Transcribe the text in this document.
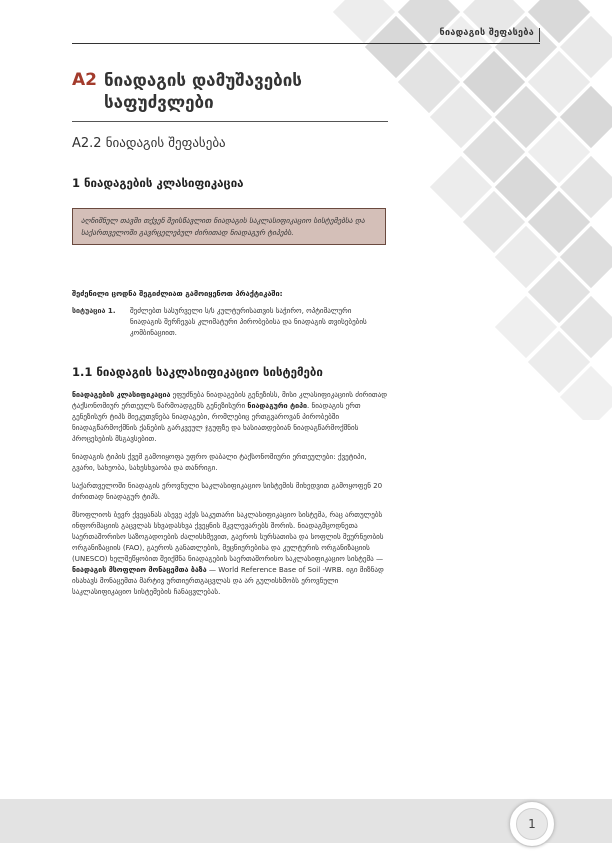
ნიადაგის შეფასება
A2 ნიადაგის დამუშავების საფუძვლები
A2.2 ნიადაგის შეფასება
1 ნიადაგების კლასიფიკაცია
აღნიშნულ თავში თქვენ შეისწავლით ნიადაგის საკლასიფიკაციო სისტემებსა და საქართველოში გავრცელებულ ძირითად ნიადაგურ ტიპებს.
შეძენილი ცოდნა შეგიძლიათ გამოიყენოთ პრაქტიკაში:
სიტუაცია 1.	შეძლებთ სასურველი ს/ს კულტურისათვის საჭირო, ოპტიმალური ნიადაგის შერჩევას კლიმატური პირობებისა და ნიადაგის თვისებების კომბინაციით.
1.1 ნიადაგის საკლასიფიკაციო სისტემები

ნიადაგების კლასიფიკაცია ეფუძნება ნიადაგების გენეზისს, მისი კლასიფიკაციის ძირითად ტაქსონომიურ ერთეულს წარმოადგენს გენეზისური ნიადაგური ტიპი. ნიადაგის ერთ გენეზისურ ტიპს მიეკუთვნება ნიადაგები, რომლებიც ერთგვაროვან პირობებში ნიადაგწარმოქმნის ქანების გარკვეულ ჯგუფზე და ხასიათდებიან ნიადაგწარმოქმნის პროცესების მსგავსებით.

ნიადაგის ტიპის ქვემ გამოიყოფა უფრო დაბალი ტაქსონომიური ერთეულები: ქვეტიპი, გვარი, სახეობა, სახესხვაობა და თანრიგი.

საქართველოში ნიადაგის ეროვნული საკლასიფიკაციო სისტემის მიხედვით გამოყოფენ 20 ძირითად ნიადაგურ ტიპს.

მსოფლიოს ბევრ ქვეყანას ასევე აქვს საკუთარი საკლასიფიკაციო სისტემა, რაც ართულებს ინფორმაციის გაცვლას სხვადასხვა ქვეყნის მკვლევარებს შორის. ნიადაგმცოდნეთა საერთაშორისო საზოგადოების ძალისხმევით, გაეროს სურსათისა და სოფლის მეურნეობის ორგანიზაციის (FAO), გაეროს განათლების, მეცნიერებისა და კულტურის ორგანიზაციის (UNESCO) ხელშეწყობით შეიქმნა ნიადაგების საერთაშორისო საკლასიფიკაციო სისტემა — ნიადაგის მსოფლიო მონაცემთა ბაზა — World Reference Base of Soil -WRB. იგი მიზნად ისახავს მონაცემთა მარტივ ურთიერთგაცვლას და არ გულისხმობს ეროვნული საკლასიფიკაციო სისტემების ჩანაცვლებას.

1
